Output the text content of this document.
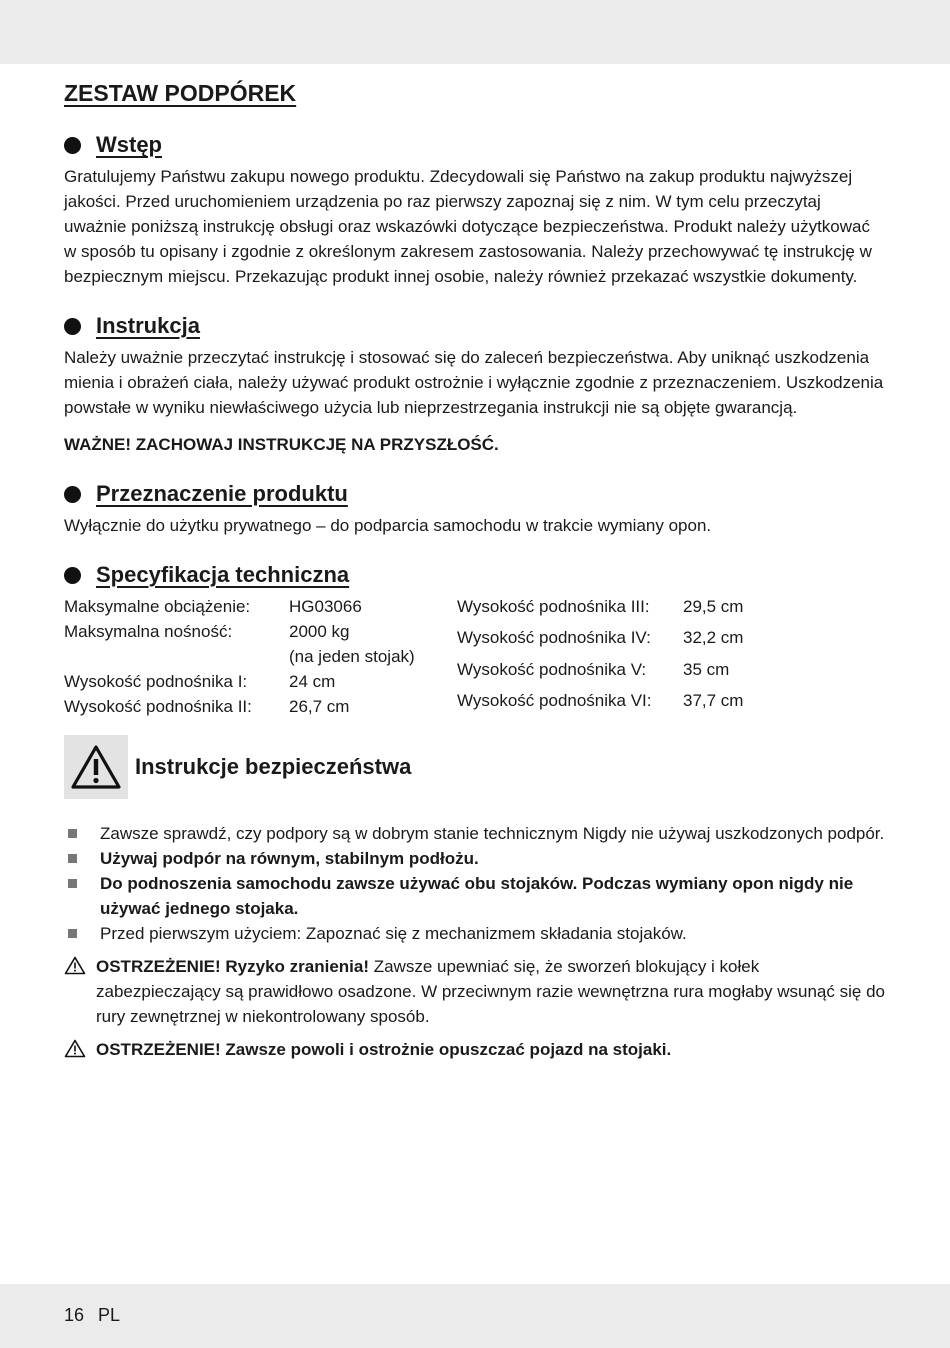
ZESTAW PODPÓREK
Wstęp

Gratulujemy Państwu zakupu nowego produktu. Zdecydowali się Państwo na zakup produktu najwyższej jakości. Przed uruchomieniem urządzenia po raz pierwszy zapoznaj się z nim. W tym celu przeczytaj uważnie poniższą instrukcję obsługi oraz wskazówki dotyczące bezpieczeństwa. Produkt należy użytkować w sposób tu opisany i zgodnie z określonym zakresem zastosowania. Należy przechowywać tę instrukcję w bezpiecznym miejscu. Przekazując produkt innej osobie, należy również przekazać wszystkie dokumenty.

Instrukcja

Należy uważnie przeczytać instrukcję i stosować się do zaleceń bezpieczeństwa. Aby uniknąć uszkodzenia mienia i obrażeń ciała, należy używać produkt ostrożnie i wyłącznie zgodnie z przeznaczeniem. Uszkodzenia powstałe w wyniku niewłaściwego użycia lub nieprzestrzegania instrukcji nie są objęte gwarancją.

WAŻNE! ZACHOWAJ INSTRUKCJĘ NA PRZYSZŁOŚĆ.

Przeznaczenie produktu

Wyłącznie do użytku prywatnego – do podparcia samochodu w trakcie wymiany opon.

Specyfikacja techniczna
Maksymalne obciążenie:	HG03066
Maksymalna nośność:	2000 kg
(na jeden stojak)
Wysokość podnośnika I:	24 cm
Wysokość podnośnika II:	26,7 cm
Wysokość podnośnika III:	29,5 cm
Wysokość podnośnika IV:	32,2 cm
Wysokość podnośnika V:	35 cm
Wysokość podnośnika VI:	37,7 cm
Instrukcje bezpieczeństwa
Zawsze sprawdź, czy podpory są w dobrym stanie technicznym Nigdy nie używaj uszkodzonych podpór.
Używaj podpór na równym, stabilnym podłożu.
Do podnoszenia samochodu zawsze używać obu stojaków. Podczas wymiany opon nigdy nie używać jednego stojaka.
Przed pierwszym użyciem: Zapoznać się z mechanizmem składania stojaków.

OSTRZEŻENIE! Ryzyko zranienia! Zawsze upewniać się, że sworzeń blokujący i kołek zabezpieczający są prawidłowo osadzone. W przeciwnym razie wewnętrzna rura mogłaby wsunąć się do rury zewnętrznej w niekontrolowany sposób.

OSTRZEŻENIE! Zawsze powoli i ostrożnie opuszczać pojazd na stojaki.

16 PL
